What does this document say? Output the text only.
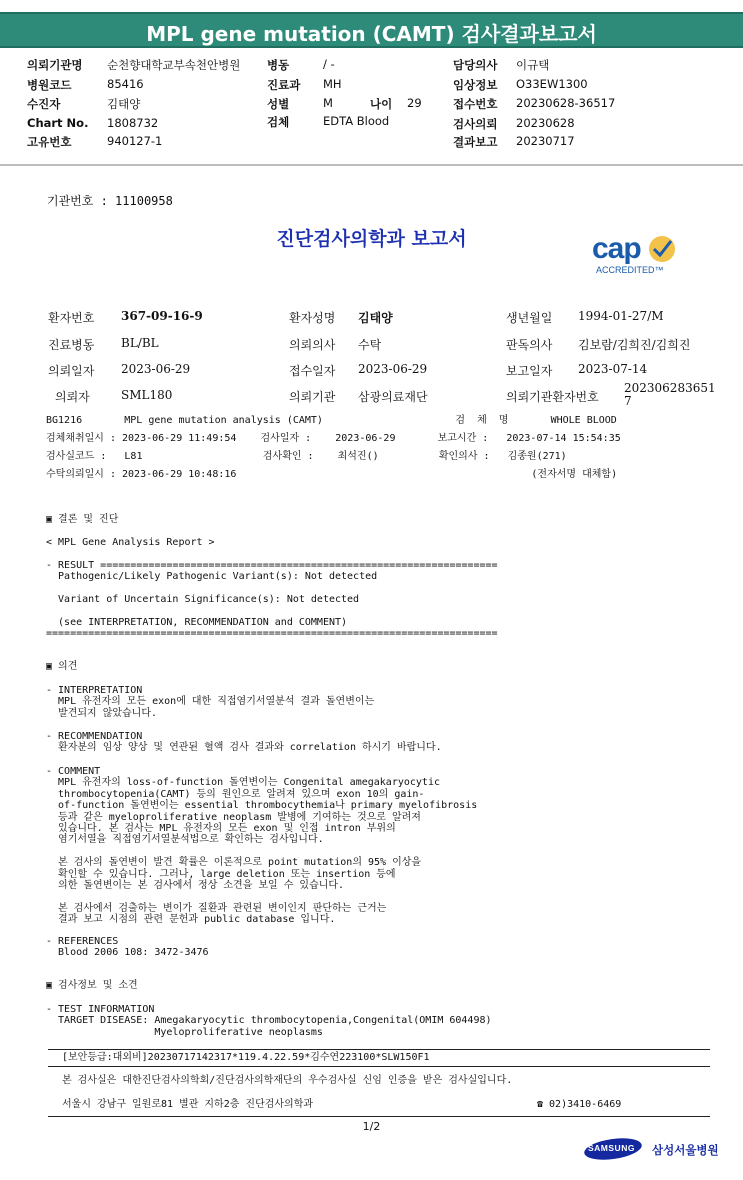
MPL gene mutation (CAMT) 검사결과보고서
의뢰기관명 순천향대학교부속천안병원
병원코드	85416
수진자	김태양
Chart No. 1808732
고유번호	940127-1
병동	/ -
진료과 MH
성별	M	나이 29
검체	EDTA Blood
담당의사 이규택
임상정보 O33EW1300
접수번호 20230628-36517
검사의뢰 20230628
결과보고 20230717
기관번호 : 11100958
진단검사의학과 보고서	cap
ACCREDITED™
환자번호 367-09-16-9	환자성명 김태양	생년월일 1994-01-27/M
진료병동 BL/BL	의뢰의사 수탁	판독의사 김보람/김희진/김희진
의뢰일자 2023-06-29	접수일자 2023-06-29	보고일자 2023-07-14
의뢰자	SML180	의뢰기관 삼광의료재단	의뢰기관환자번호
202306283651
7
BG1216       MPL gene mutation analysis (CAMT)                      검  체  명       WHOLE BLOOD
검체채취일시 : 2023-06-29 11:49:54    검사일자 :    2023-06-29       보고시간 :   2023-07-14 15:54:35
검사실코드 :   L81                    검사확인 :    최석진()          확인의사 :   김종원(271)
수탁의뢰일시 : 2023-06-29 10:48:16                                                 (전자서명 대체함)
▣ 결론 및 진단
< MPL Gene Analysis Report >
- RESULT ==================================================================
Pathogenic/Likely Pathogenic Variant(s): Not detected

Variant of Uncertain Significance(s): Not detected

(see INTERPRETATION, RECOMMENDATION and COMMENT)
===========================================================================
▣ 의견
- INTERPRETATION
MPL 유전자의 모든 exon에 대한 직접염기서열분석 결과 돌연변이는
발견되지 않았습니다.
- RECOMMENDATION
환자분의 임상 양상 및 연관된 혈액 검사 결과와 correlation 하시기 바랍니다.
- COMMENT
MPL 유전자의 loss-of-function 돌연변이는 Congenital amegakaryocytic
thrombocytopenia(CAMT) 등의 원인으로 알려져 있으며 exon 10의 gain-
of-function 돌연변이는 essential thrombocythemia나 primary myelofibrosis
등과 같은 myeloproliferative neoplasm 발병에 기여하는 것으로 알려져
있습니다. 본 검사는 MPL 유전자의 모든 exon 및 인접 intron 부위의
염기서열을 직접염기서열분석법으로 확인하는 검사입니다.

본 검사의 돌연변이 발견 확률은 이론적으로 point mutation의 95% 이상을
확인할 수 있습니다. 그러나, large deletion 또는 insertion 등에
의한 돌연변이는 본 검사에서 정상 소견을 보일 수 있습니다.

본 검사에서 검출하는 변이가 질환과 관련된 변이인지 판단하는 근거는
결과 보고 시점의 관련 문헌과 public database 입니다.
- REFERENCES
Blood 2006 108: 3472-3476
▣ 검사정보 및 소견
- TEST INFORMATION
TARGET DISEASE: Amegakaryocytic thrombocytopenia,Congenital(OMIM 604498)
Myeloproliferative neoplasms
[보안등급:대외비]20230717142317*119.4.22.59*김수연223100*SLW150F1
본 검사실은 대한진단검사의학회/진단검사의학재단의 우수검사실 신임 인증을 받은 검사실입니다.
서울시 강남구 일원로81 별관 지하2층 진단검사의학과	☎ 02)3410-6469
1/2
SAMSUNG 삼성서울병원
